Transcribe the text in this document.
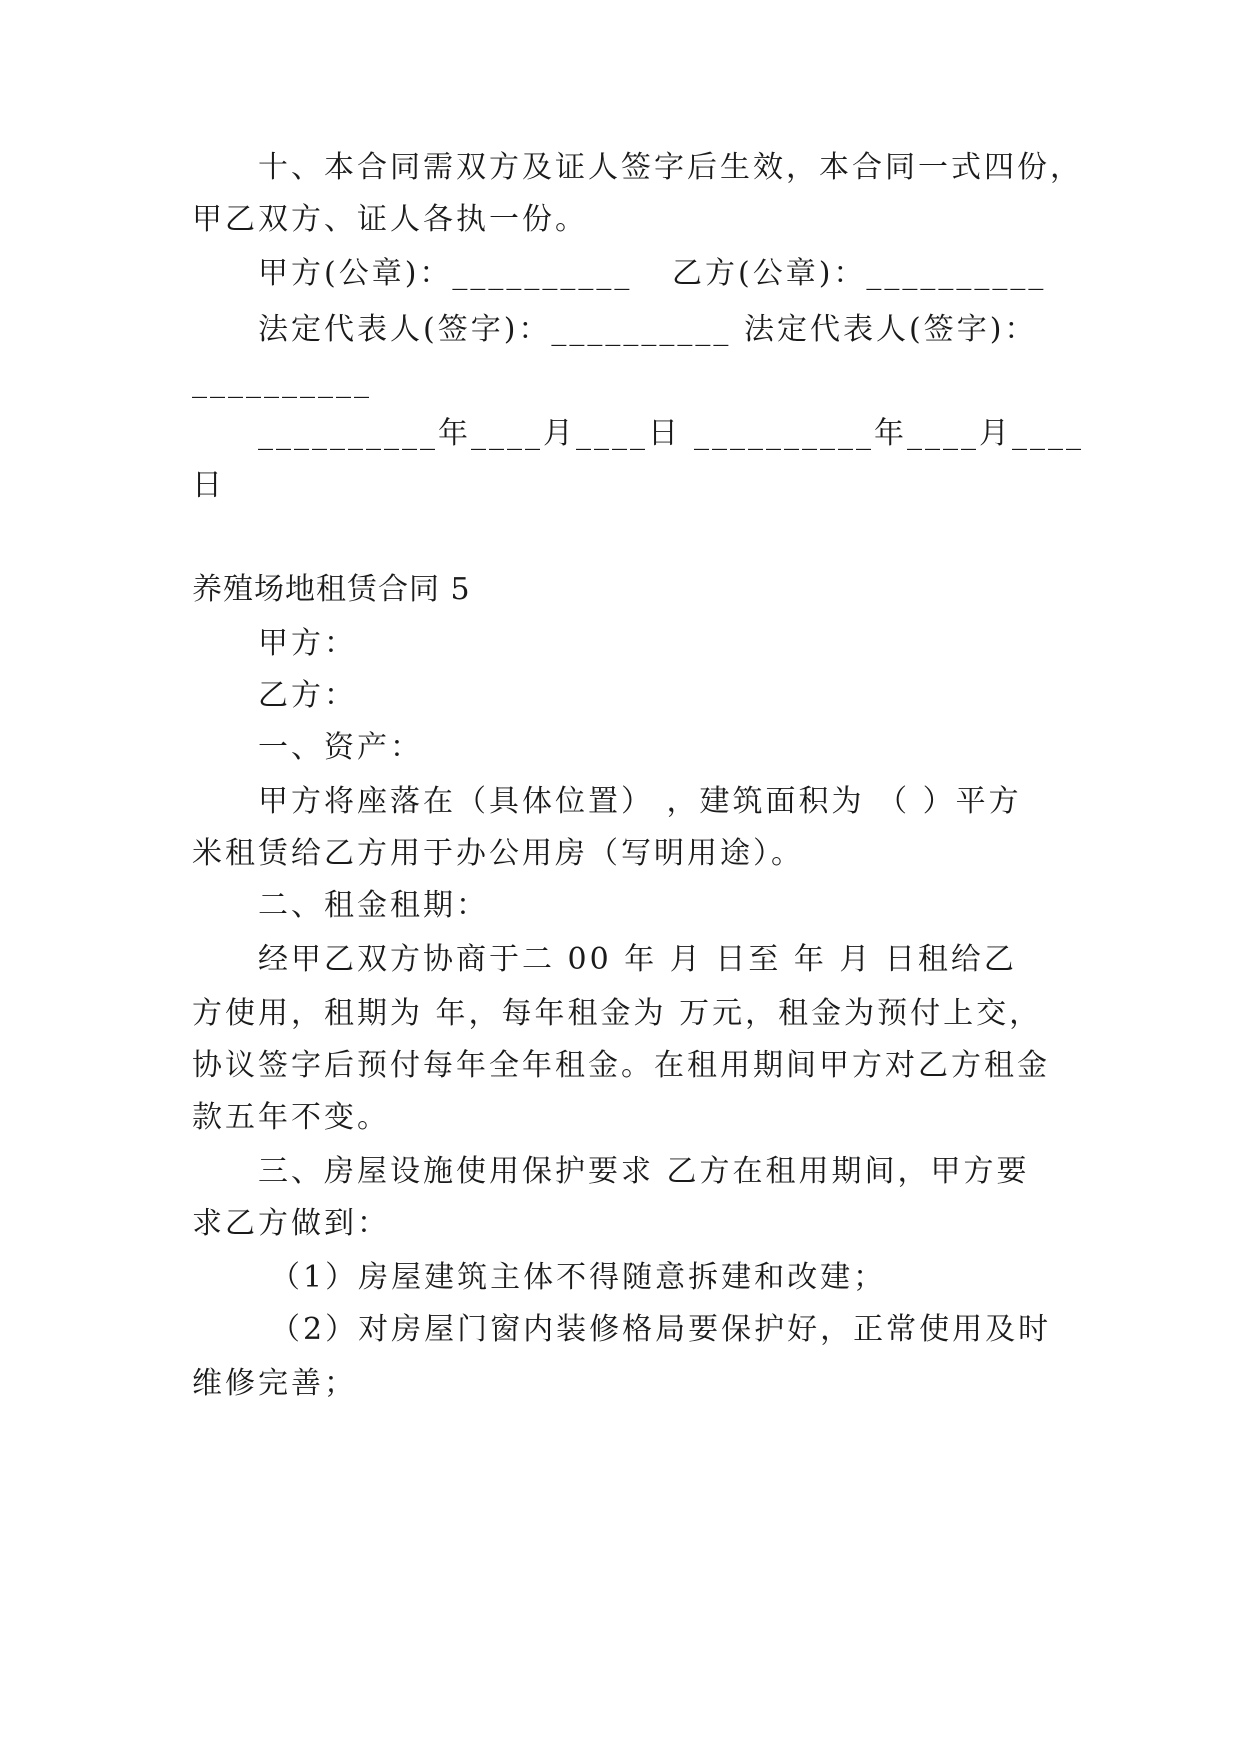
十、本合同需双方及证人签字后生效，本合同一式四份，
甲乙双方、证人各执一份。
甲方(公章)：__________ 乙方(公章)：__________
法定代表人(签字)：__________ 法定代表人(签字)：
__________
__________年____月____日 __________年____月____
日
养殖场地租赁合同 5
甲方：
乙方：
一、资产：
甲方将座落在（具体位置） ，建筑面积为 （ ）平方
米租赁给乙方用于办公用房（写明用途）。
二、租金租期：
经甲乙双方协商于二 00 年 月 日至 年 月 日租给乙
方使用，租期为 年，每年租金为 万元，租金为预付上交，
协议签字后预付每年全年租金。在租用期间甲方对乙方租金
款五年不变。
三、房屋设施使用保护要求 乙方在租用期间，甲方要
求乙方做到：
（1）房屋建筑主体不得随意拆建和改建；
（2）对房屋门窗内装修格局要保护好，正常使用及时
维修完善；
